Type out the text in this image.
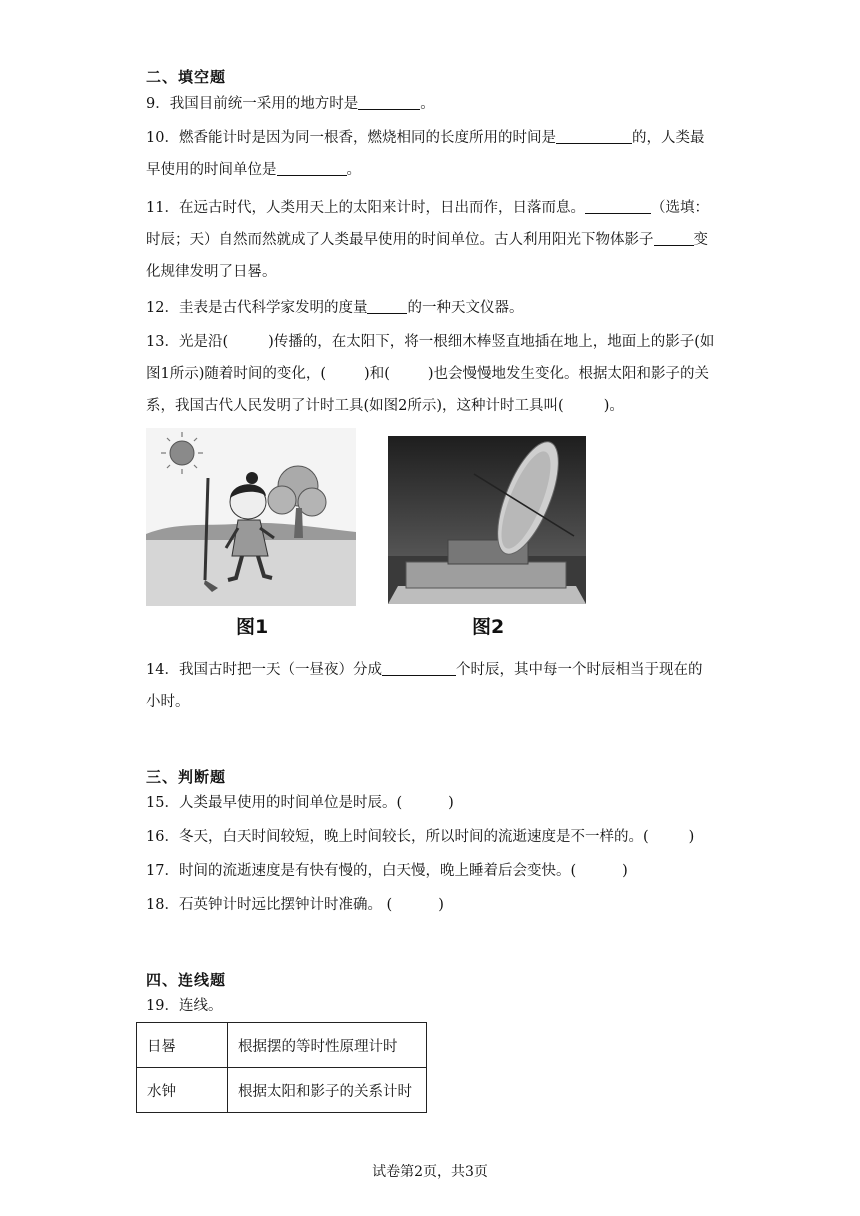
二、填空题
9．我国目前统一采用的地方时是	。
10．燃香能计时是因为同一根香，燃烧相同的长度所用的时间是	的，人类最早使用的时间单位是	。
11．在远古时代，人类用天上的太阳来计时，日出而作，日落而息。	（选填：时辰；天）自然而然就成了人类最早使用的时间单位。古人利用阳光下物体影子	变化规律发明了日晷。
12．圭表是古代科学家发明的度量	的一种天文仪器。
13．光是沿(	)传播的，在太阳下，将一根细木棒竖直地插在地上，地面上的影子(如图1所示)随着时间的变化，(	)和(	)也会慢慢地发生变化。根据太阳和影子的关系，我国古代人民发明了计时工具(如图2所示)，这种计时工具叫(	)。
图1	图2
14．我国古时把一天（一昼夜）分成	个时辰，其中每一个时辰相当于现在的小时。
三、判断题
15．人类最早使用的时间单位是时辰。(	)
16．冬天，白天时间较短，晚上时间较长，所以时间的流逝速度是不一样的。(	)
17．时间的流逝速度是有快有慢的，白天慢，晚上睡着后会变快。(	)
18．石英钟计时远比摆钟计时准确。 (	)
四、连线题
19．连线。
日晷	根据摆的等时性原理计时
水钟	根据太阳和影子的关系计时
试卷第2页，共3页
